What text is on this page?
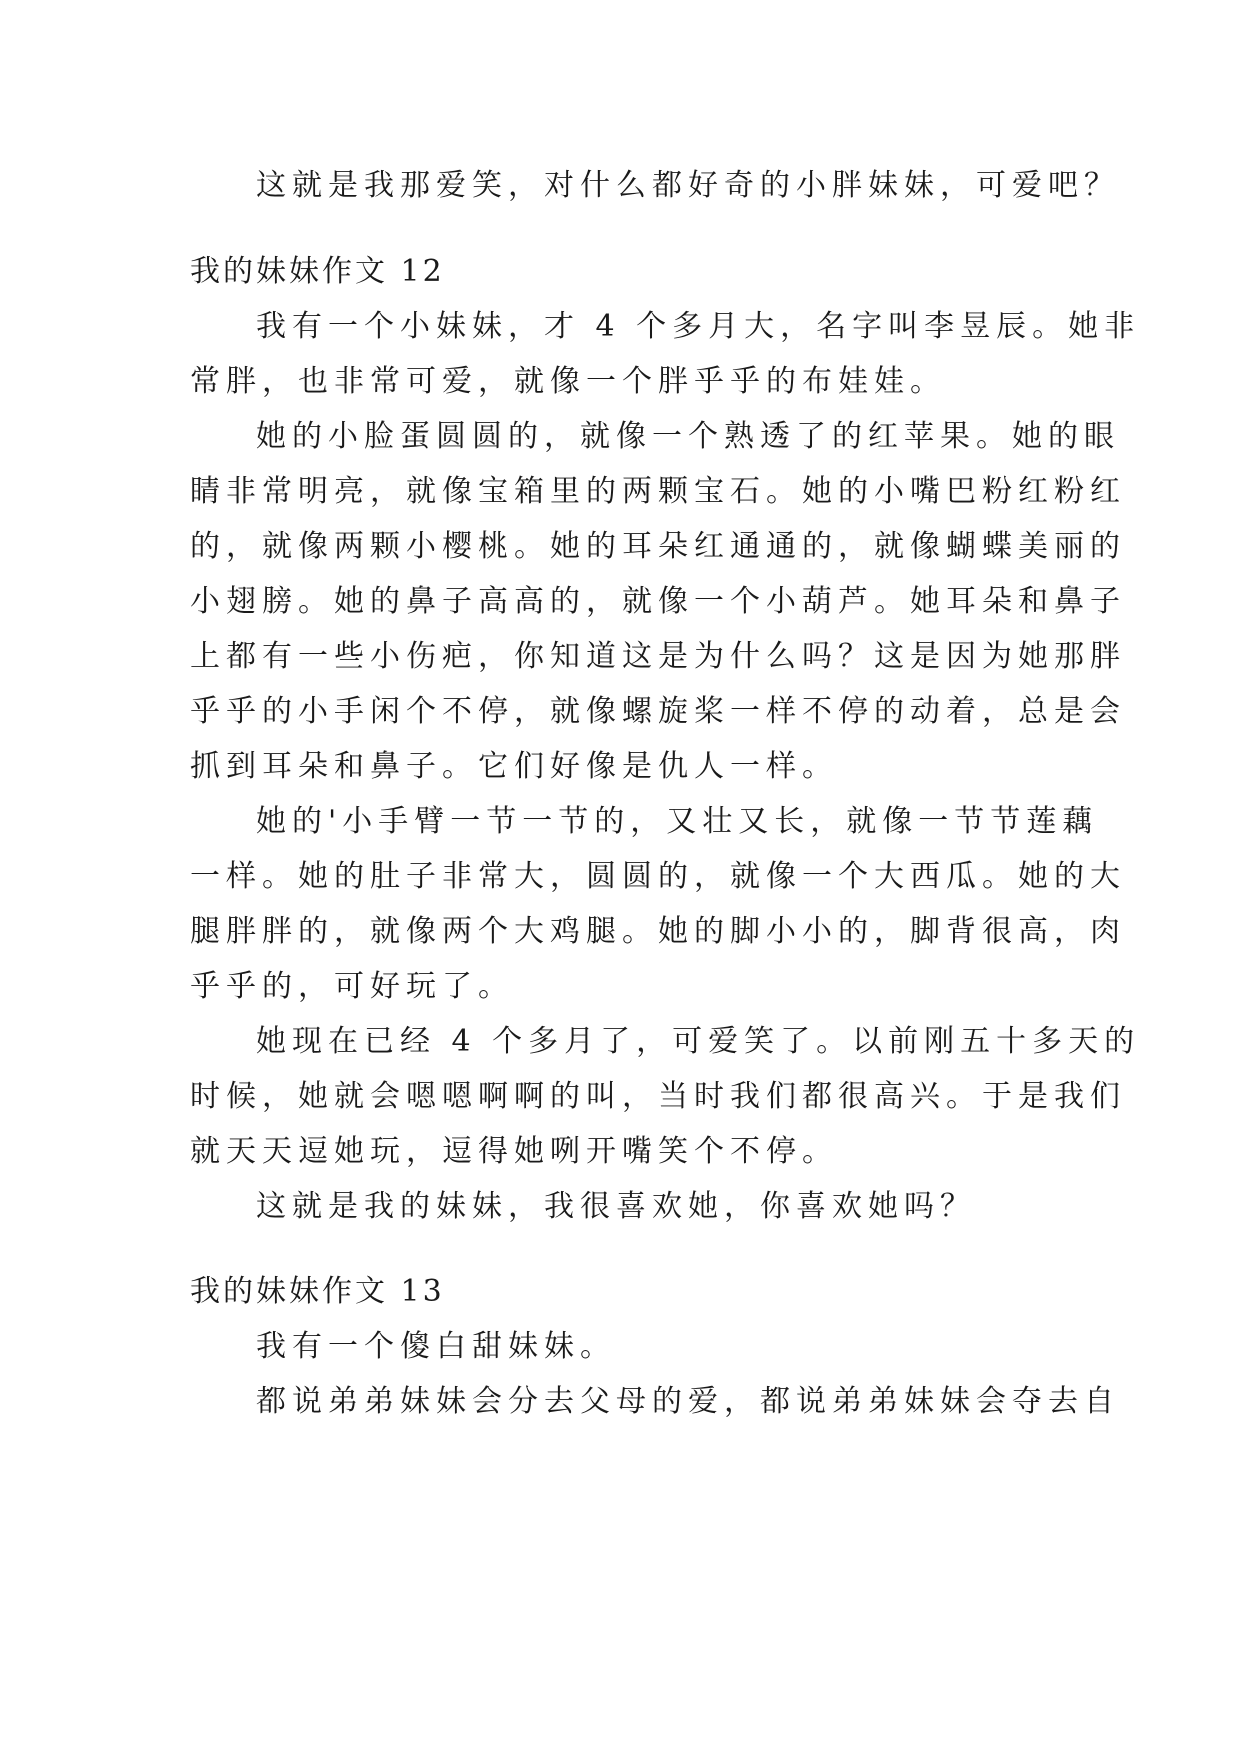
这就是我那爱笑，对什么都好奇的小胖妹妹，可爱吧？

我的妹妹作文 12

我有一个小妹妹，才 4 个多月大，名字叫李昱辰。她非

常胖，也非常可爱，就像一个胖乎乎的布娃娃。

她的小脸蛋圆圆的，就像一个熟透了的红苹果。她的眼

睛非常明亮，就像宝箱里的两颗宝石。她的小嘴巴粉红粉红

的，就像两颗小樱桃。她的耳朵红通通的，就像蝴蝶美丽的

小翅膀。她的鼻子高高的，就像一个小葫芦。她耳朵和鼻子

上都有一些小伤疤，你知道这是为什么吗？这是因为她那胖

乎乎的小手闲个不停，就像螺旋桨一样不停的动着，总是会

抓到耳朵和鼻子。它们好像是仇人一样。

她的'小手臂一节一节的，又壮又长，就像一节节莲藕

一样。她的肚子非常大，圆圆的，就像一个大西瓜。她的大

腿胖胖的，就像两个大鸡腿。她的脚小小的，脚背很高，肉

乎乎的，可好玩了。

她现在已经 4 个多月了，可爱笑了。以前刚五十多天的

时候，她就会嗯嗯啊啊的叫，当时我们都很高兴。于是我们

就天天逗她玩，逗得她咧开嘴笑个不停。

这就是我的妹妹，我很喜欢她，你喜欢她吗？

我的妹妹作文 13

我有一个傻白甜妹妹。

都说弟弟妹妹会分去父母的爱，都说弟弟妹妹会夺去自
